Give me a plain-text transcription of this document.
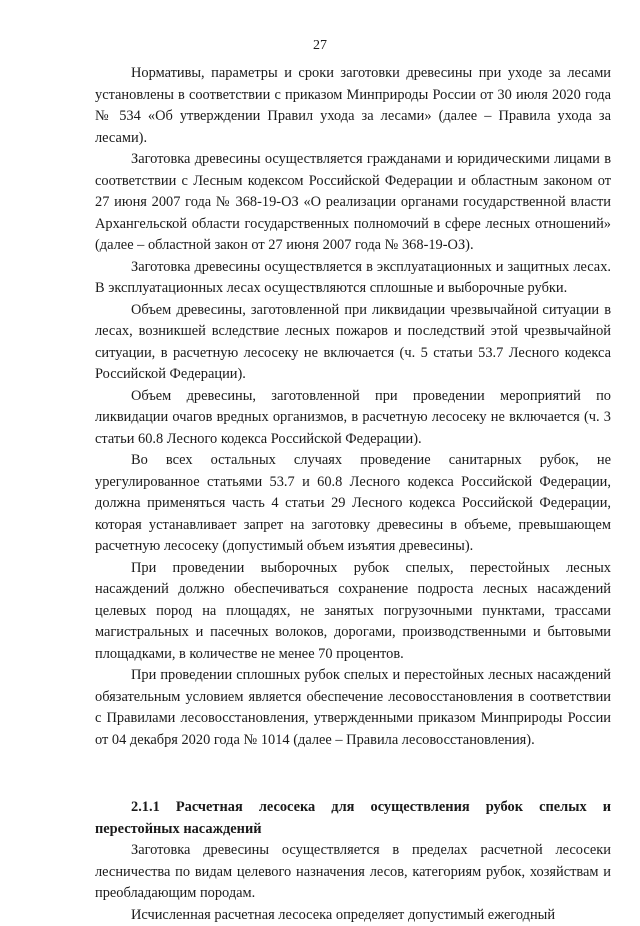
27

Нормативы, параметры и сроки заготовки древесины при уходе за лесами установлены в соответствии с приказом Минприроды России от 30 июля 2020 года № 534 «Об утверждении Правил ухода за лесами» (далее – Правила ухода за лесами).

Заготовка древесины осуществляется гражданами и юридическими лицами в соответствии с Лесным кодексом Российской Федерации и областным законом от 27 июня 2007 года № 368-19-ОЗ «О реализации органами государственной власти Архангельской области государственных полномочий в сфере лесных отношений» (далее – областной закон от 27 июня 2007 года № 368-19-ОЗ).

Заготовка древесины осуществляется в эксплуатационных и защитных лесах. В эксплуатационных лесах осуществляются сплошные и выборочные рубки.

Объем древесины, заготовленной при ликвидации чрезвычайной ситуации в лесах, возникшей вследствие лесных пожаров и последствий этой чрезвычайной ситуации, в расчетную лесосеку не включается (ч. 5 статьи 53.7 Лесного кодекса Российской Федерации).

Объем древесины, заготовленной при проведении мероприятий по ликвидации очагов вредных организмов, в расчетную лесосеку не включается (ч. 3 статьи 60.8 Лесного кодекса Российской Федерации).

Во всех остальных случаях проведение санитарных рубок, не урегулированное статьями 53.7 и 60.8 Лесного кодекса Российской Федерации, должна применяться часть 4 статьи 29 Лесного кодекса Российской Федерации, которая устанавливает запрет на заготовку древесины в объеме, превышающем расчетную лесосеку (допустимый объем изъятия древесины).

При проведении выборочных рубок спелых, перестойных лесных насаждений должно обеспечиваться сохранение подроста лесных насаждений целевых пород на площадях, не занятых погрузочными пунктами, трассами магистральных и пасечных волоков, дорогами, производственными и бытовыми площадками, в количестве не менее 70 процентов.

При проведении сплошных рубок спелых и перестойных лесных насаждений обязательным условием является обеспечение лесовосстановления в соответствии с Правилами лесовосстановления, утвержденными приказом Минприроды России от 04 декабря 2020 года № 1014 (далее – Правила лесовосстановления).

2.1.1 Расчетная лесосека для осуществления рубок спелых и перестойных насаждений

Заготовка древесины осуществляется в пределах расчетной лесосеки лесничества по видам целевого назначения лесов, категориям рубок, хозяйствам и преобладающим породам.

Исчисленная расчетная лесосека определяет допустимый ежегодный
